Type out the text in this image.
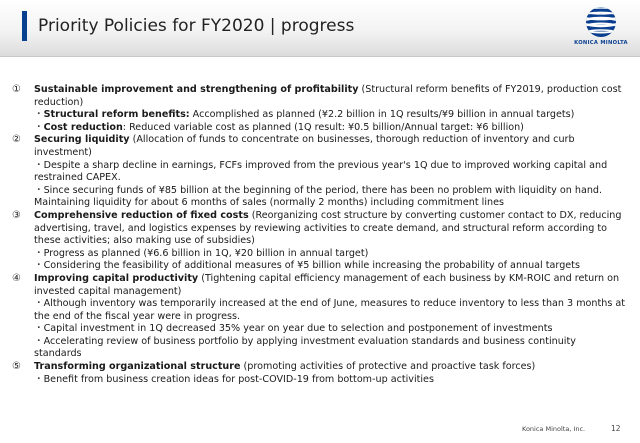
Priority Policies for FY2020 | progress
KONICA MINOLTA
①	Sustainable improvement and strengthening of profitability (Structural reform benefits of FY2019, production cost reduction)
・Structural reform benefits: Accomplished as planned (¥2.2 billion in 1Q results/¥9 billion in annual targets)
・Cost reduction: Reduced variable cost as planned (1Q result: ¥0.5 billion/Annual target: ¥6 billion)
②	Securing liquidity (Allocation of funds to concentrate on businesses, thorough reduction of inventory and curb investment)
・Despite a sharp decline in earnings, FCFs improved from the previous year's 1Q due to improved working capital and restrained CAPEX.
・Since securing funds of ¥85 billion at the beginning of the period, there has been no problem with liquidity on hand. Maintaining liquidity for about 6 months of sales (normally 2 months) including commitment lines
③	Comprehensive reduction of fixed costs (Reorganizing cost structure by converting customer contact to DX, reducing advertising, travel, and logistics expenses by reviewing activities to create demand, and structural reform according to these activities; also making use of subsidies)
・Progress as planned (¥6.6 billion in 1Q, ¥20 billion in annual target)
・Considering the feasibility of additional measures of ¥5 billion while increasing the probability of annual targets
④	Improving capital productivity (Tightening capital efficiency management of each business by KM-ROIC and return on invested capital management)
・Although inventory was temporarily increased at the end of June, measures to reduce inventory to less than 3 months at the end of the fiscal year were in progress.
・Capital investment in 1Q decreased 35% year on year due to selection and postponement of investments
・Accelerating review of business portfolio by applying investment evaluation standards and business continuity standards
⑤	Transforming organizational structure (promoting activities of protective and proactive task forces)
・Benefit from business creation ideas for post-COVID-19 from bottom-up activities
Konica Minolta, Inc.	12
